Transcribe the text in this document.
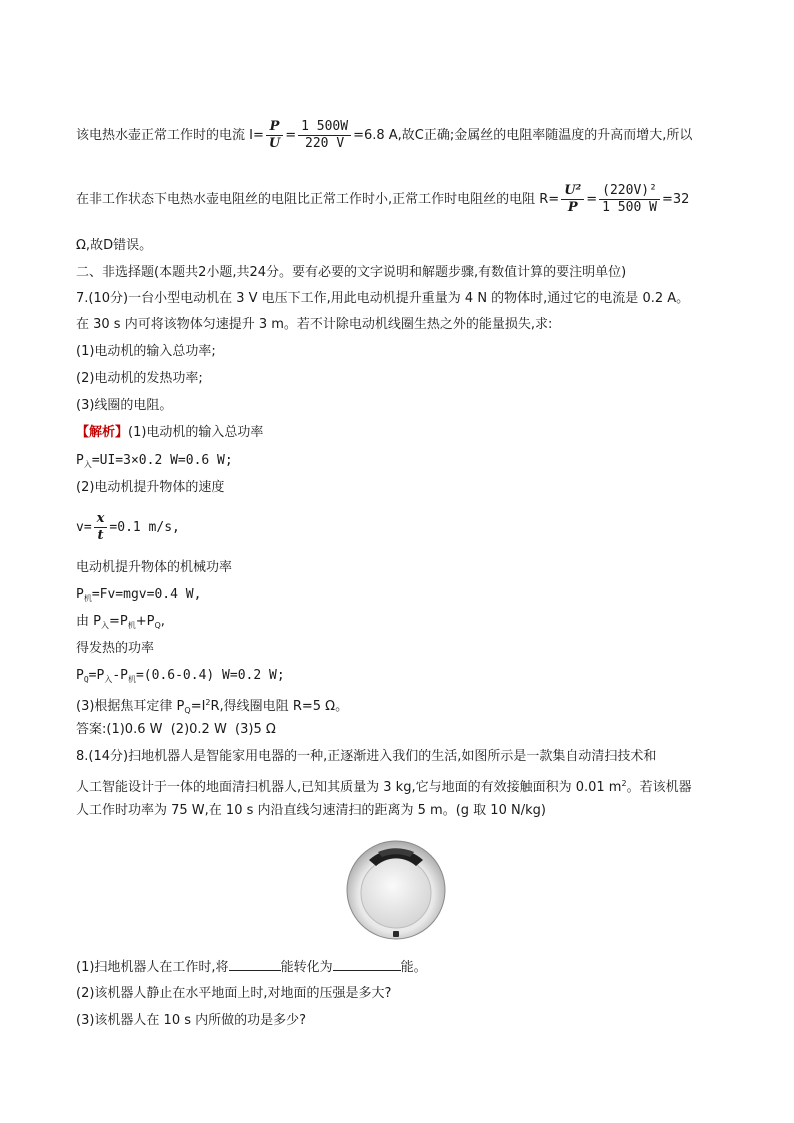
该电热水壶正常工作时的电流 $I= \frac{P}{U} = \frac{1 500W}{220 V} =6.8$ A,故C正确;金属丝的电阻率随温度的升高而增大,所以
在非工作状态下电热水壶电阻丝的电阻比正常工作时小,正常工作时电阻丝的电阻 $R= \frac{\text{U²}}{P} = \frac{\text{(220V)²}}{1 500 W} =32$
Ω,故D错误。
二、非选择题(本题共2小题,共24分。要有必要的文字说明和解题步骤,有数值计算的要注明单位)
7.(10分)一台小型电动机在 3 V 电压下工作,用此电动机提升重量为 4 N 的物体时,通过它的电流是 0.2 A。
在 30 s 内可将该物体匀速提升 3 m。若不计除电动机线圈生热之外的能量损失,求:
(1)电动机的输入总功率;
(2)电动机的发热功率;
(3)线圈的电阻。
【解析】(1)电动机的输入总功率
$P_入=UI=3\times 0.2$ W=0.6 W;
(2)电动机提升物体的速度
$v= \frac{x}{t} =0.1$ m/s,
电动机提升物体的机械功率
$P_机=Fv=mgv=0.4$ W,
由 $P_入=P_机+P_Q$,
得发热的功率
$P_Q=P_入-P_机=(0.6-0.4)$ W=0.2 W;
(3)根据焦耳定律 $P_Q=I^2R$,得线圈电阻 R=5 Ω。
答案:(1)0.6 W  (2)0.2 W  (3)5 Ω
8.(14分)扫地机器人是智能家用电器的一种,正逐渐进入我们的生活,如图所示是一款集自动清扫技术和
人工智能设计于一体的地面清扫机器人,已知其质量为 3 kg,它与地面的有效接触面积为 0.01 $m^2$。若该机器
人工作时功率为 75 W,在 10 s 内沿直线匀速清扫的距离为 5 m。(g 取 10 N/kg)
(1)扫地机器人在工作时,将	能转化为	能。
(2)该机器人静止在水平地面上时,对地面的压强是多大?
(3)该机器人在 10 s 内所做的功是多少?
